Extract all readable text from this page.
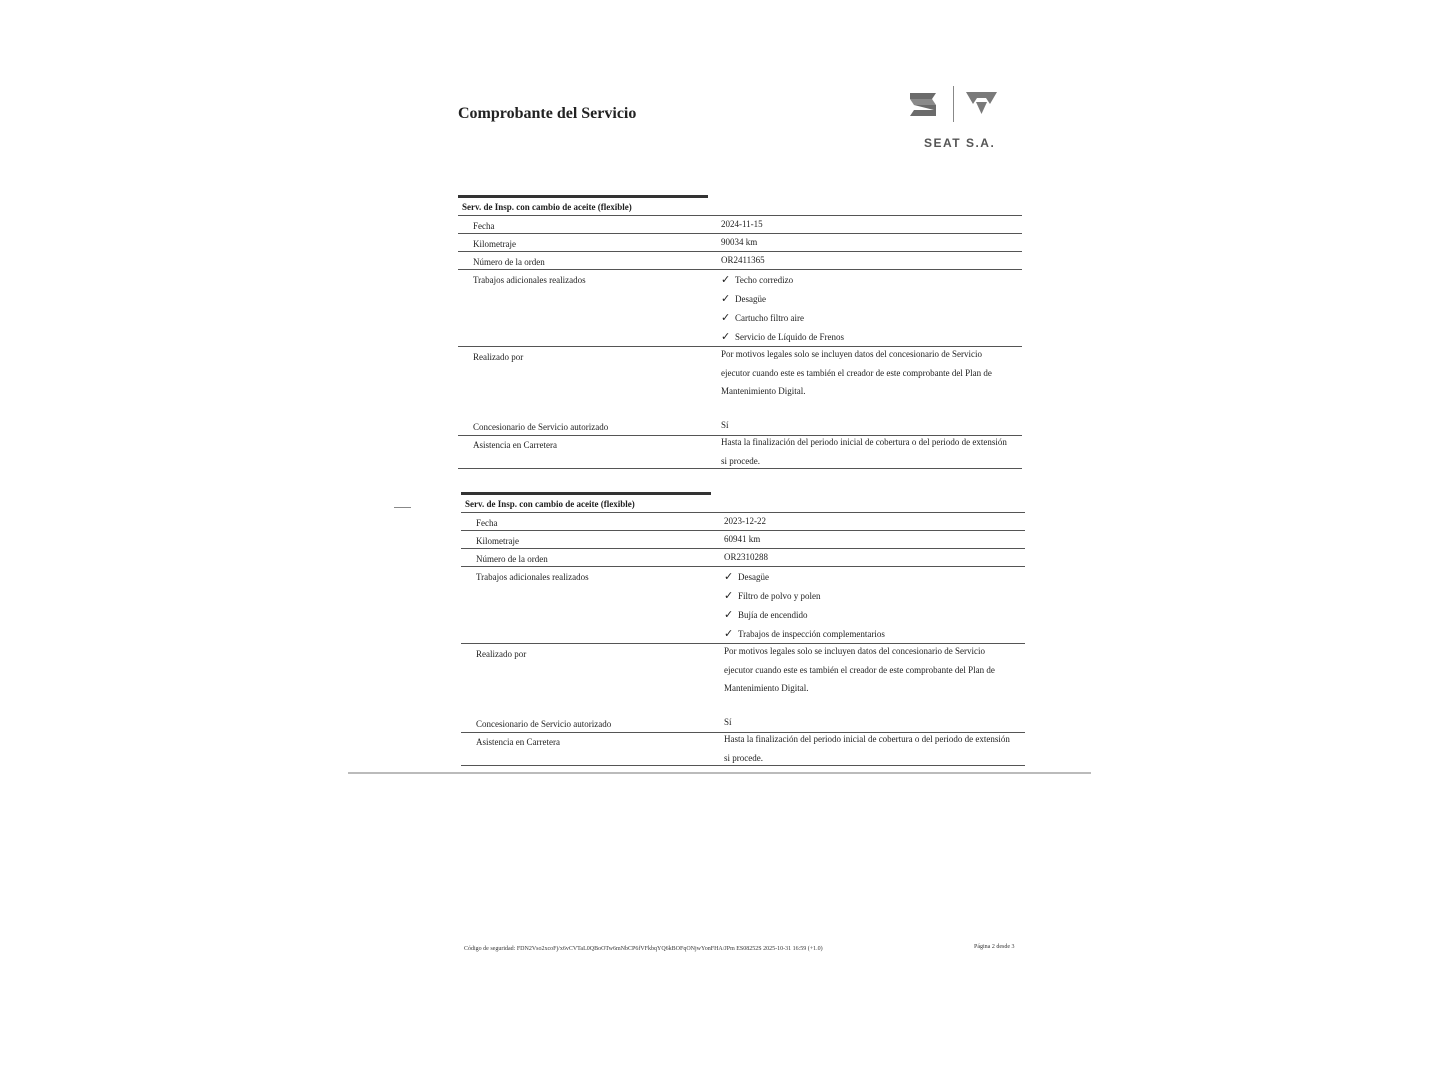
Comprobante del Servicio
SEAT S.A.
Serv. de Insp. con cambio de aceite (flexible)
Fecha	2024-11-15
Kilometraje	90034 km
Número de la orden	OR2411365
Trabajos adicionales realizados	✓ Techo corredizo
✓ Desagüe
✓ Cartucho filtro aire
✓ Servicio de Líquido de Frenos
Realizado por	Por motivos legales solo se incluyen datos del concesionario de Servicio
ejecutor cuando este es también el creador de este comprobante del Plan de
Mantenimiento Digital.
Concesionario de Servicio autorizado	Sí
Asistencia en Carretera	Hasta la finalización del periodo inicial de cobertura o del periodo de extensión
si procede.
Serv. de Insp. con cambio de aceite (flexible)
Fecha	2023-12-22
Kilometraje	60941 km
Número de la orden	OR2310288
Trabajos adicionales realizados	✓ Desagüe
✓ Filtro de polvo y polen
✓ Bujía de encendido
✓ Trabajos de inspección complementarios
Realizado por	Por motivos legales solo se incluyen datos del concesionario de Servicio
ejecutor cuando este es también el creador de este comprobante del Plan de
Mantenimiento Digital.
Concesionario de Servicio autorizado	Sí
Asistencia en Carretera	Hasta la finalización del periodo inicial de cobertura o del periodo de extensión
si procede.
Código de seguridad: FDN2Vso2xcoFj/x6vCVTaL0QBoOTw6mNbCP6fVFkbqYQ6kBOFqONjwYonFHA/JPm ES08252S 2025-10-31 16:59 (+1.0)	Página 2 desde 3
